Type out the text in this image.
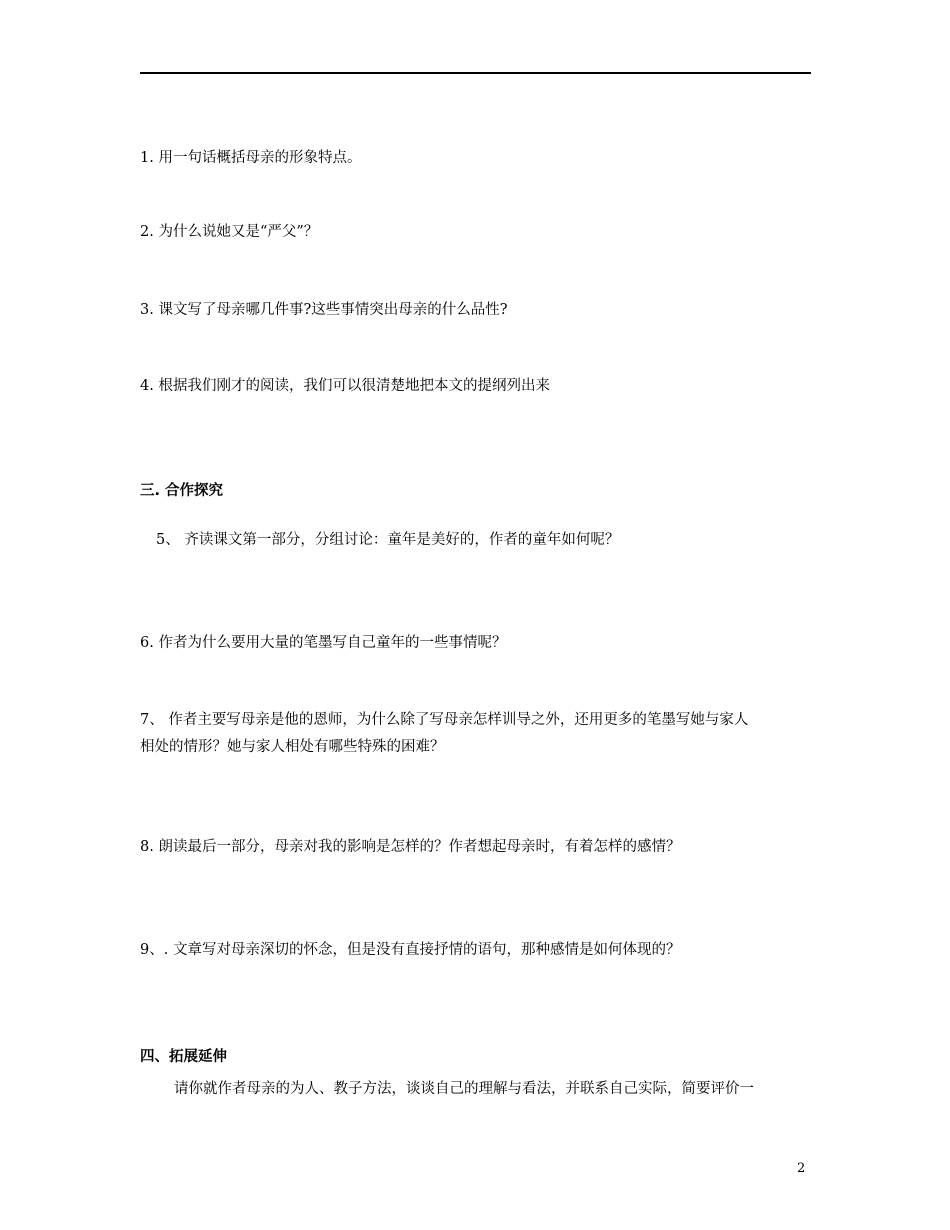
1. 用一句话概括母亲的形象特点。
2. 为什么说她又是“严父”？
3. 课文写了母亲哪几件事?这些事情突出母亲的什么品性?
4. 根据我们刚才的阅读，我们可以很清楚地把本文的提纲列出来
三. 合作探究
5、 齐读课文第一部分，分组讨论：童年是美好的，作者的童年如何呢？
6. 作者为什么要用大量的笔墨写自己童年的一些事情呢？
7、 作者主要写母亲是他的恩师，为什么除了写母亲怎样训导之外，还用更多的笔墨写她与家人
相处的情形？她与家人相处有哪些特殊的困难？
8. 朗读最后一部分，母亲对我的影响是怎样的？作者想起母亲时，有着怎样的感情？
9、. 文章写对母亲深切的怀念，但是没有直接抒情的语句，那种感情是如何体现的？
四、拓展延伸
请你就作者母亲的为人、教子方法，谈谈自己的理解与看法，并联系自己实际，简要评价一
2
